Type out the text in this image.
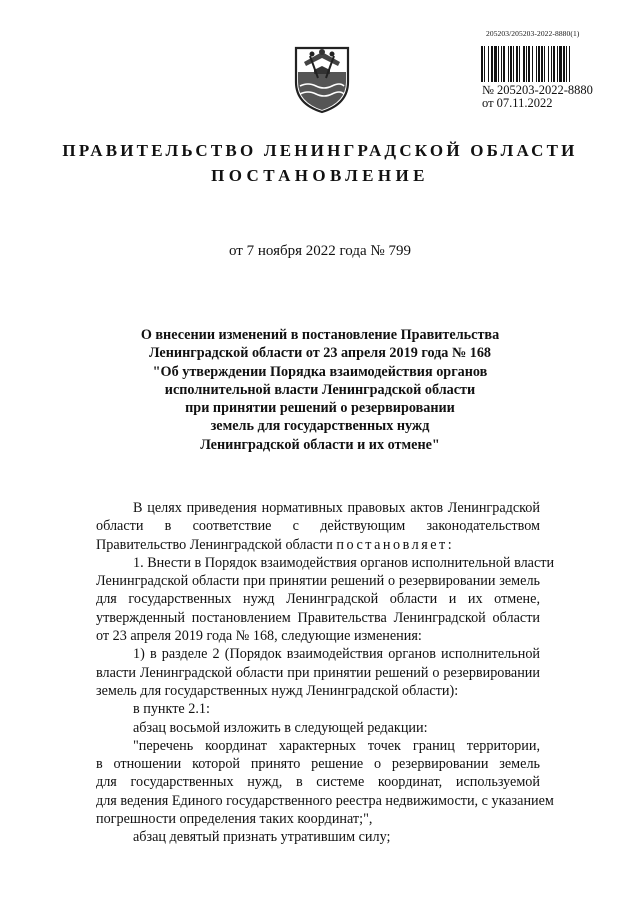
205203/205203-2022-8880(1)
№ 205203-2022-8880
от 07.11.2022
ПРАВИТЕЛЬСТВО ЛЕНИНГРАДСКОЙ ОБЛАСТИ
ПОСТАНОВЛЕНИЕ
от 7 ноября 2022 года № 799
О внесении изменений в постановление Правительства
Ленинградской области от 23 апреля 2019 года № 168
"Об утверждении Порядка взаимодействия органов
исполнительной власти Ленинградской области
при принятии решений о резервировании
земель для государственных нужд
Ленинградской области и их отмене"
В целях приведения нормативных правовых актов Ленинградской
области в соответствие с действующим законодательством
Правительство Ленинградской области постановляет:
1. Внести в Порядок взаимодействия органов исполнительной власти
Ленинградской области при принятии решений о резервировании земель
для государственных нужд Ленинградской области и их отмене,
утвержденный постановлением Правительства Ленинградской области
от 23 апреля 2019 года № 168, следующие изменения:
1) в разделе 2 (Порядок взаимодействия органов исполнительной
власти Ленинградской области при принятии решений о резервировании
земель для государственных нужд Ленинградской области):
в пункте 2.1:
абзац восьмой изложить в следующей редакции:
"перечень координат характерных точек границ территории,
в отношении которой принято решение о резервировании земель
для государственных нужд, в системе координат, используемой
для ведения Единого государственного реестра недвижимости, с указанием
погрешности определения таких координат;",
абзац девятый признать утратившим силу;
